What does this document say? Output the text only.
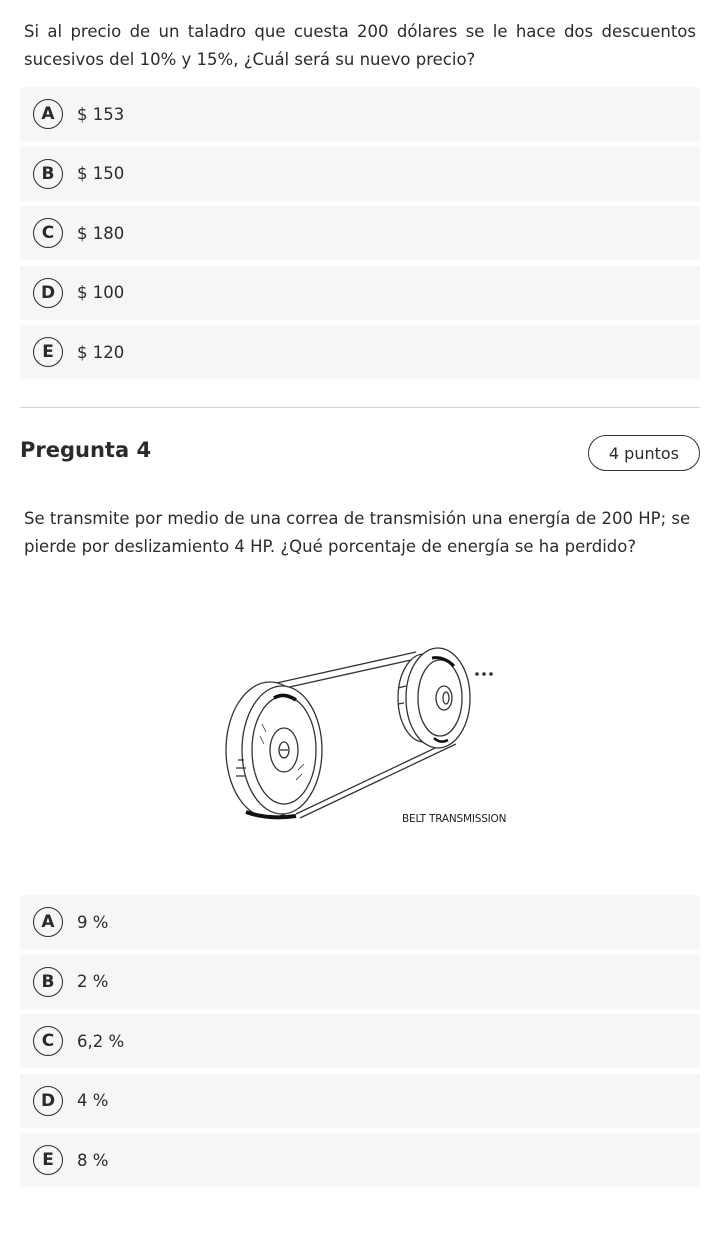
Si al precio de un taladro que cuesta 200 dólares se le hace dos descuentos sucesivos del 10% y 15%, ¿Cuál será su nuevo precio?
A	$ 153
B	$ 150
C	$ 180
D	$ 100
E	$ 120
Pregunta 4	4 puntos
Se transmite por medio de una correa de transmisión una energía de 200 HP; se pierde por deslizamiento 4 HP. ¿Qué porcentaje de energía se ha perdido?
BELT TRANSMISSION
A	9 %
B	2 %
C	6,2 %
D	4 %
E	8 %
